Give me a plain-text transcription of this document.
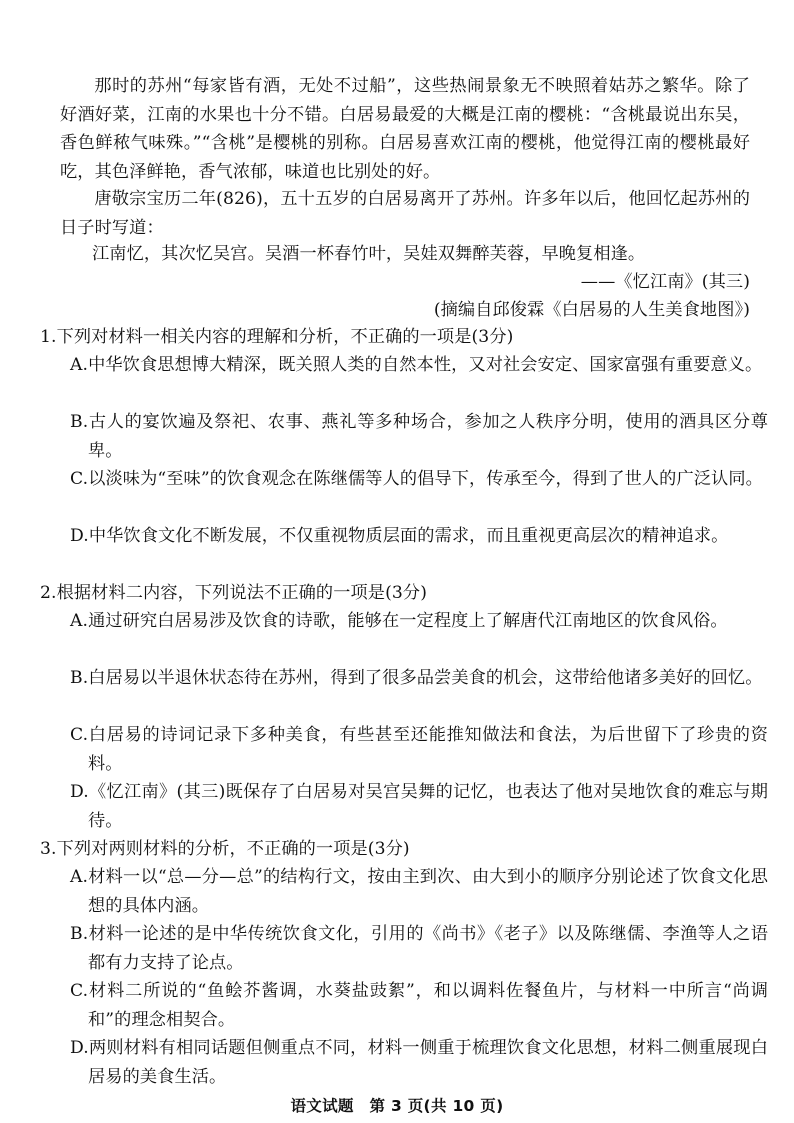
那时的苏州“每家皆有酒，无处不过船”，这些热闹景象无不映照着姑苏之繁华。除了好酒好菜，江南的水果也十分不错。白居易最爱的大概是江南的樱桃：“含桃最说出东吴，香色鲜秾气味殊。”“含桃”是樱桃的别称。白居易喜欢江南的樱桃，他觉得江南的樱桃最好吃，其色泽鲜艳，香气浓郁，味道也比别处的好。
唐敬宗宝历二年(826)，五十五岁的白居易离开了苏州。许多年以后，他回忆起苏州的日子时写道：
江南忆，其次忆吴宫。吴酒一杯春竹叶，吴娃双舞醉芙蓉，早晚复相逢。
——《忆江南》(其三)
(摘编自邱俊霖《白居易的人生美食地图》)
1.下列对材料一相关内容的理解和分析，不正确的一项是(3分)
A.中华饮食思想博大精深，既关照人类的自然本性，又对社会安定、国家富强有重要意义。
B.古人的宴饮遍及祭祀、农事、燕礼等多种场合，参加之人秩序分明，使用的酒具区分尊卑。
C.以淡味为“至味”的饮食观念在陈继儒等人的倡导下，传承至今，得到了世人的广泛认同。
D.中华饮食文化不断发展，不仅重视物质层面的需求，而且重视更高层次的精神追求。
2.根据材料二内容，下列说法不正确的一项是(3分)
A.通过研究白居易涉及饮食的诗歌，能够在一定程度上了解唐代江南地区的饮食风俗。
B.白居易以半退休状态待在苏州，得到了很多品尝美食的机会，这带给他诸多美好的回忆。
C.白居易的诗词记录下多种美食，有些甚至还能推知做法和食法，为后世留下了珍贵的资料。
D.《忆江南》(其三)既保存了白居易对吴宫吴舞的记忆，也表达了他对吴地饮食的难忘与期待。
3.下列对两则材料的分析，不正确的一项是(3分)
A.材料一以“总—分—总”的结构行文，按由主到次、由大到小的顺序分别论述了饮食文化思想的具体内涵。
B.材料一论述的是中华传统饮食文化，引用的《尚书》《老子》以及陈继儒、李渔等人之语都有力支持了论点。
C.材料二所说的“鱼鲙芥酱调，水葵盐豉絮”，和以调料佐餐鱼片，与材料一中所言“尚调和”的理念相契合。
D.两则材料有相同话题但侧重点不同，材料一侧重于梳理饮食文化思想，材料二侧重展现白居易的美食生活。
语文试题　第 3 页(共 10 页)
